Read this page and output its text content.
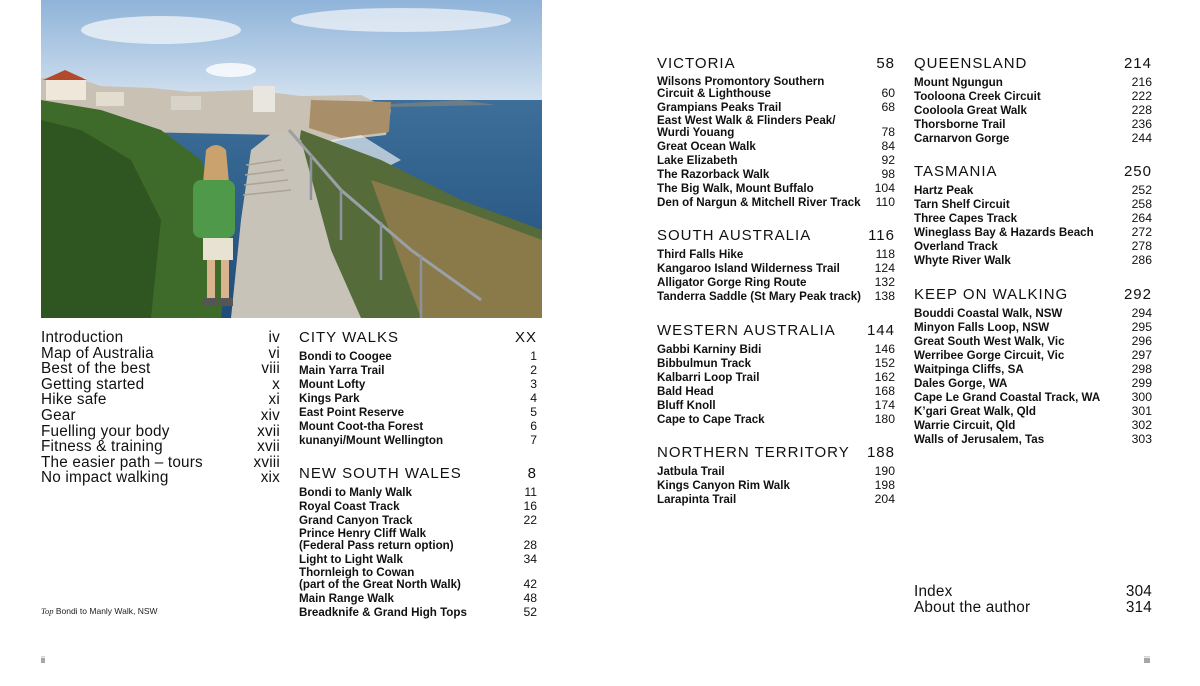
Top Bondi to Manly Walk, NSW
ii	iii
Introduction	iv
Map of Australia	vi
Best of the best	viii
Getting started	x
Hike safe	xi
Gear	xiv
Fuelling your body	xvii
Fitness & training	xvii
The easier path – tours	xviii
No impact walking	xix
CITY WALKS	XX
Bondi to Coogee	1
Main Yarra Trail	2
Mount Lofty	3
Kings Park	4
East Point Reserve	5
Mount Coot-tha Forest	6
kunanyi/Mount Wellington	7
NEW SOUTH WALES	8
Bondi to Manly Walk	11
Royal Coast Track	16
Grand Canyon Track	22
Prince Henry Cliff Walk
(Federal Pass return option)	28
Light to Light Walk	34
Thornleigh to Cowan
(part of the Great North Walk)	42
Main Range Walk	48
Breadknife & Grand High Tops	52
VICTORIA	58
Wilsons Promontory Southern
Circuit & Lighthouse	60
Grampians Peaks Trail	68
East West Walk & Flinders Peak/
Wurdi Youang	78
Great Ocean Walk	84
Lake Elizabeth	92
The Razorback Walk	98
The Big Walk, Mount Buffalo	104
Den of Nargun & Mitchell River Track 110
SOUTH AUSTRALIA	116
Third Falls Hike	118
Kangaroo Island Wilderness Trail	124
Alligator Gorge Ring Route	132
Tanderra Saddle (St Mary Peak track) 138
WESTERN AUSTRALIA 144
Gabbi Karniny Bidi	146
Bibbulmun Track	152
Kalbarri Loop Trail	162
Bald Head	168
Bluff Knoll	174
Cape to Cape Track	180
NORTHERN TERRITORY 188
Jatbula Trail	190
Kings Canyon Rim Walk	198
Larapinta Trail	204
QUEENSLAND	214
Mount Ngungun	216
Tooloona Creek Circuit	222
Cooloola Great Walk	228
Thorsborne Trail	236
Carnarvon Gorge	244
TASMANIA	250
Hartz Peak	252
Tarn Shelf Circuit	258
Three Capes Track	264
Wineglass Bay & Hazards Beach	272
Overland Track	278
Whyte River Walk	286
KEEP ON WALKING	292
Bouddi Coastal Walk, NSW	294
Minyon Falls Loop, NSW	295
Great South West Walk, Vic	296
Werribee Gorge Circuit, Vic	297
Waitpinga Cliffs, SA	298
Dales Gorge, WA	299
Cape Le Grand Coastal Track, WA	300
K’gari Great Walk, Qld	301
Warrie Circuit, Qld	302
Walls of Jerusalem, Tas	303
Index	304
About the author	314
